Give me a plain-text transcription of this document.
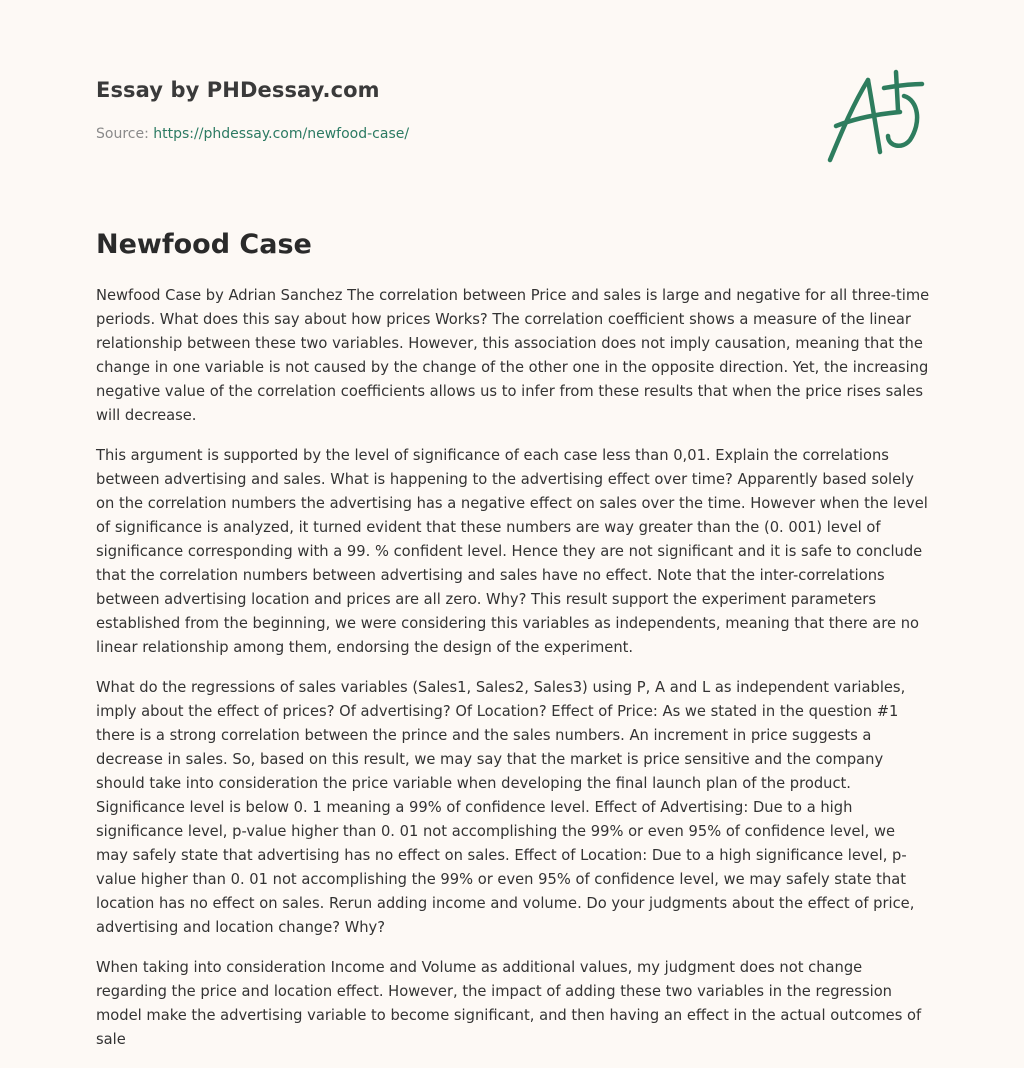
Essay by PHDessay.com
Source: https://phdessay.com/newfood-case/
Newfood Case

Newfood Case by Adrian Sanchez The correlation between Price and sales is large and negative for all three-time periods. What does this say about how prices Works? The correlation coefficient shows a measure of the linear relationship between these two variables. However, this association does not imply causation, meaning that the change in one variable is not caused by the change of the other one in the opposite direction. Yet, the increasing negative value of the correlation coefficients allows us to infer from these results that when the price rises sales will decrease.

This argument is supported by the level of significance of each case less than 0,01. Explain the correlations between advertising and sales. What is happening to the advertising effect over time? Apparently based solely on the correlation numbers the advertising has a negative effect on sales over the time. However when the level of significance is analyzed, it turned evident that these numbers are way greater than the (0. 001) level of significance corresponding with a 99. % confident level. Hence they are not significant and it is safe to conclude that the correlation numbers between advertising and sales have no effect. Note that the inter-correlations between advertising location and prices are all zero. Why? This result support the experiment parameters established from the beginning, we were considering this variables as independents, meaning that there are no linear relationship among them, endorsing the design of the experiment.

What do the regressions of sales variables (Sales1, Sales2, Sales3) using P, A and L as independent variables, imply about the effect of prices? Of advertising? Of Location? Effect of Price: As we stated in the question #1 there is a strong correlation between the prince and the sales numbers. An increment in price suggests a decrease in sales. So, based on this result, we may say that the market is price sensitive and the company should take into consideration the price variable when developing the final launch plan of the product. Significance level is below 0. 1 meaning a 99% of confidence level. Effect of Advertising: Due to a high significance level, p-value higher than 0. 01 not accomplishing the 99% or even 95% of confidence level, we may safely state that advertising has no effect on sales. Effect of Location: Due to a high significance level, p-value higher than 0. 01 not accomplishing the 99% or even 95% of confidence level, we may safely state that location has no effect on sales. Rerun adding income and volume. Do your judgments about the effect of price, advertising and location change? Why?

When taking into consideration Income and Volume as additional values, my judgment does not change regarding the price and location effect. However, the impact of adding these two variables in the regression model make the advertising variable to become significant, and then having an effect in the actual outcomes of sale
